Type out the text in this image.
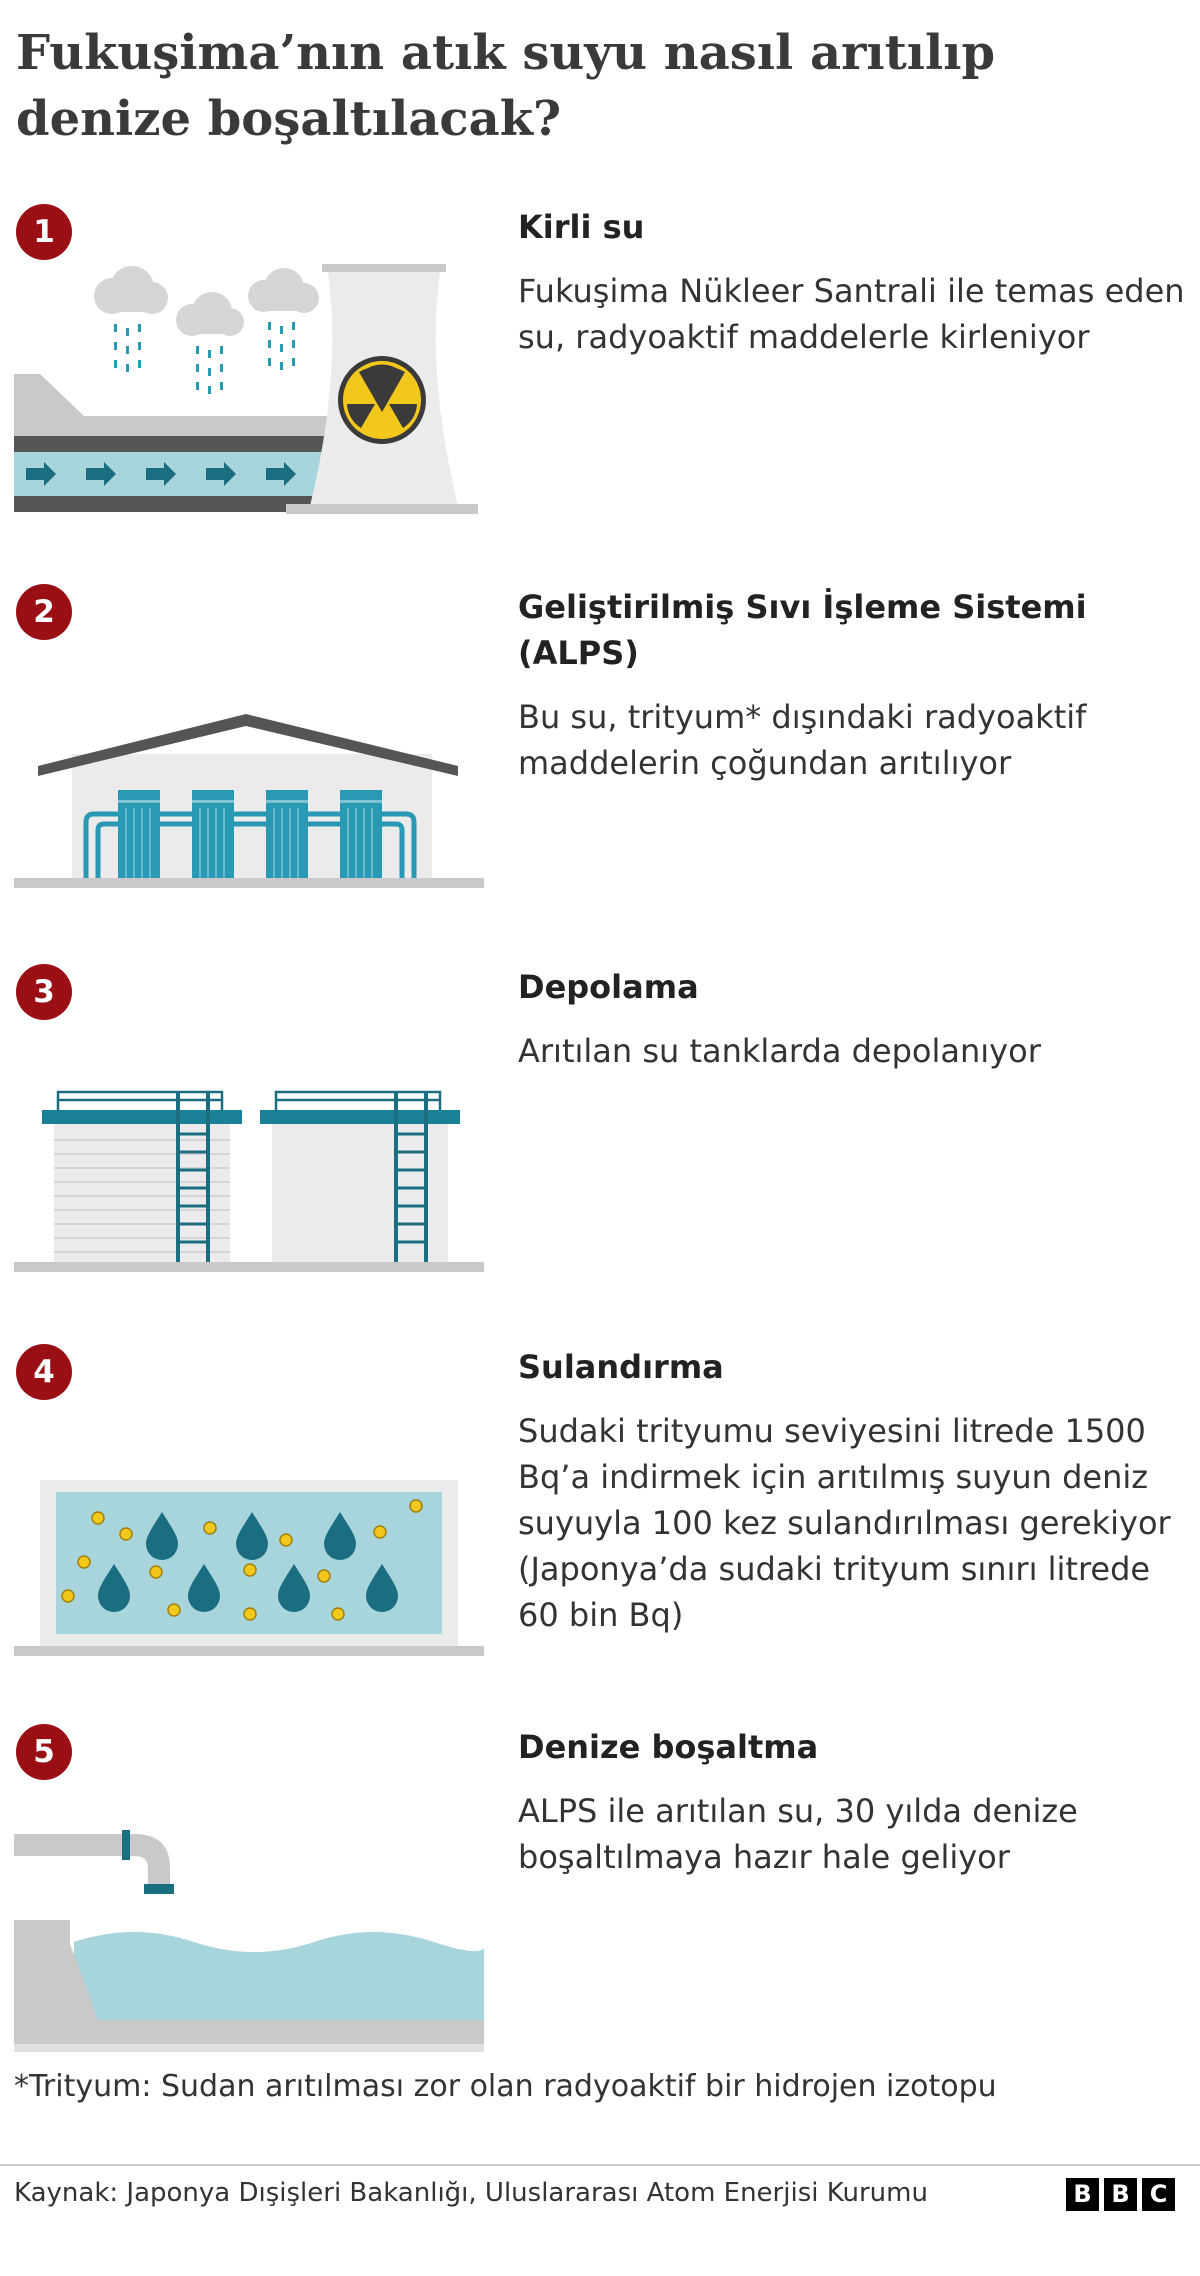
Fukuşima’nın atık suyu nasıl arıtılıp denize boşaltılacak?
1	Kirli su
Fukuşima Nükleer Santrali ile temas eden su, radyoaktif maddelerle kirleniyor
2	Geliştirilmiş Sıvı İşleme Sistemi (ALPS)
Bu su, trityum* dışındaki radyoaktif maddelerin çoğundan arıtılıyor
3	Depolama
Arıtılan su tanklarda depolanıyor
4	Sulandırma
Sudaki trityumu seviyesini litrede 1500 Bq’a indirmek için arıtılmış suyun deniz suyuyla 100 kez sulandırılması gerekiyor (Japonya’da sudaki trityum sınırı litrede 60 bin Bq)
5	Denize boşaltma
ALPS ile arıtılan su, 30 yılda denize boşaltılmaya hazır hale geliyor
*Trityum: Sudan arıtılması zor olan radyoaktif bir hidrojen izotopu
Kaynak: Japonya Dışişleri Bakanlığı, Uluslararası Atom Enerjisi Kurumu	B B C
